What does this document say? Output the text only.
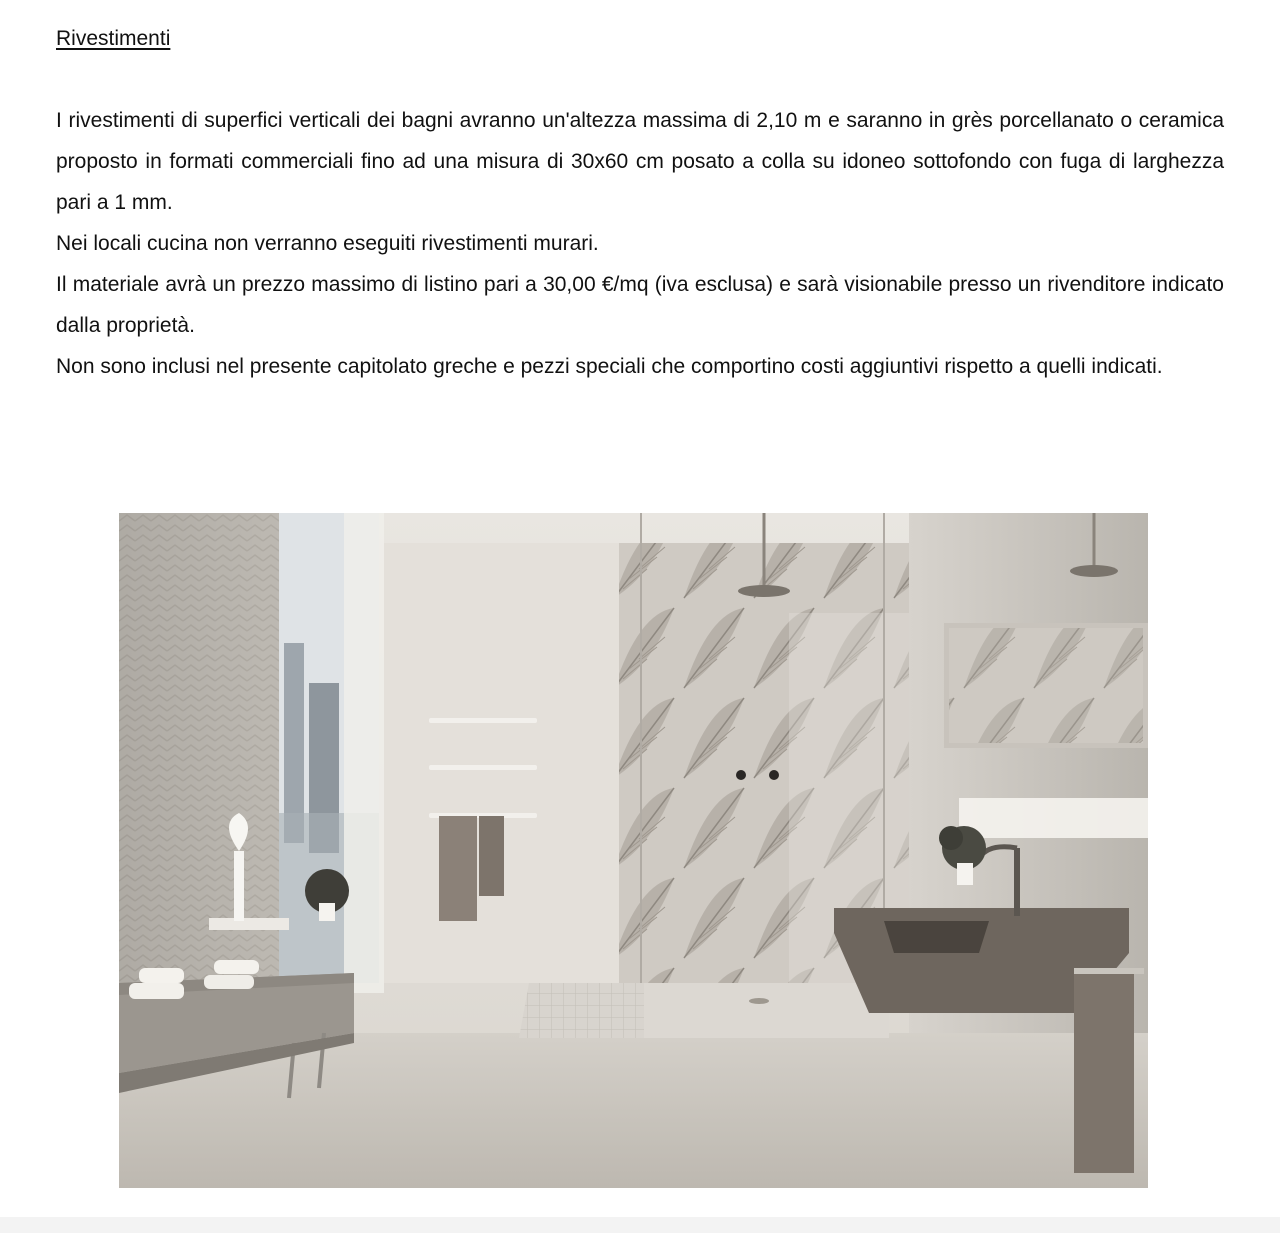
Rivestimenti

I rivestimenti di superfici verticali dei bagni avranno un'altezza massima di 2,10 m e saranno in grès porcellanato o ceramica proposto in formati commerciali fino ad una misura di 30x60 cm posato a colla su idoneo sottofondo con fuga di larghezza pari a 1 mm.

Nei locali cucina non verranno eseguiti rivestimenti murari.

Il materiale avrà un prezzo massimo di listino pari a 30,00 €/mq (iva esclusa) e sarà visionabile presso un rivenditore indicato dalla proprietà.

Non sono inclusi nel presente capitolato greche e pezzi speciali che comportino costi aggiuntivi rispetto a quelli indicati.
